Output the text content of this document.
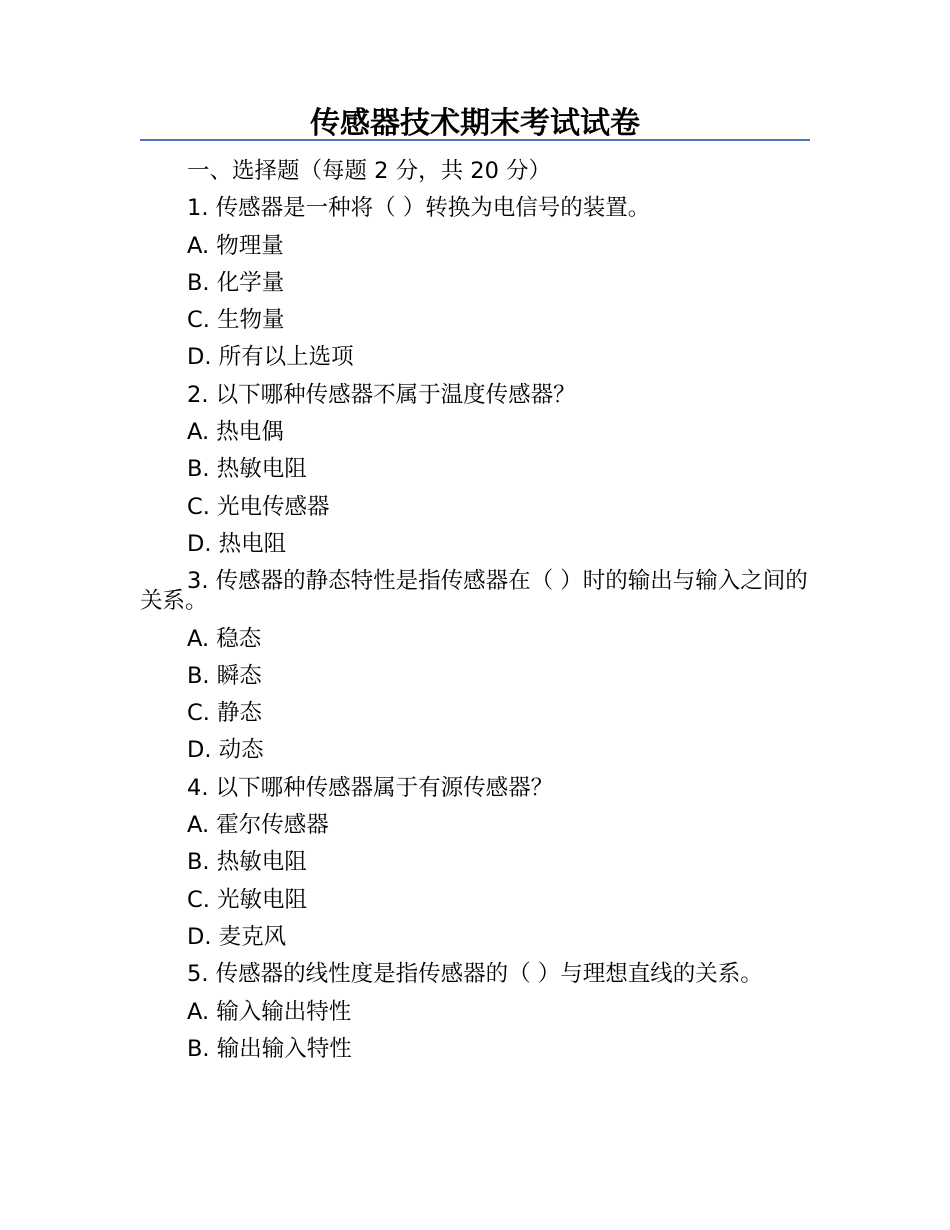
传感器技术期末考试试卷
一、选择题（每题 2 分，共 20 分）
1. 传感器是一种将（ ）转换为电信号的装置。
A. 物理量
B. 化学量
C. 生物量
D. 所有以上选项
2. 以下哪种传感器不属于温度传感器？
A. 热电偶
B. 热敏电阻
C. 光电传感器
D. 热电阻
3. 传感器的静态特性是指传感器在（ ）时的输出与输入之间的关系。
A. 稳态
B. 瞬态
C. 静态
D. 动态
4. 以下哪种传感器属于有源传感器？
A. 霍尔传感器
B. 热敏电阻
C. 光敏电阻
D. 麦克风
5. 传感器的线性度是指传感器的（ ）与理想直线的关系。
A. 输入输出特性
B. 输出输入特性
